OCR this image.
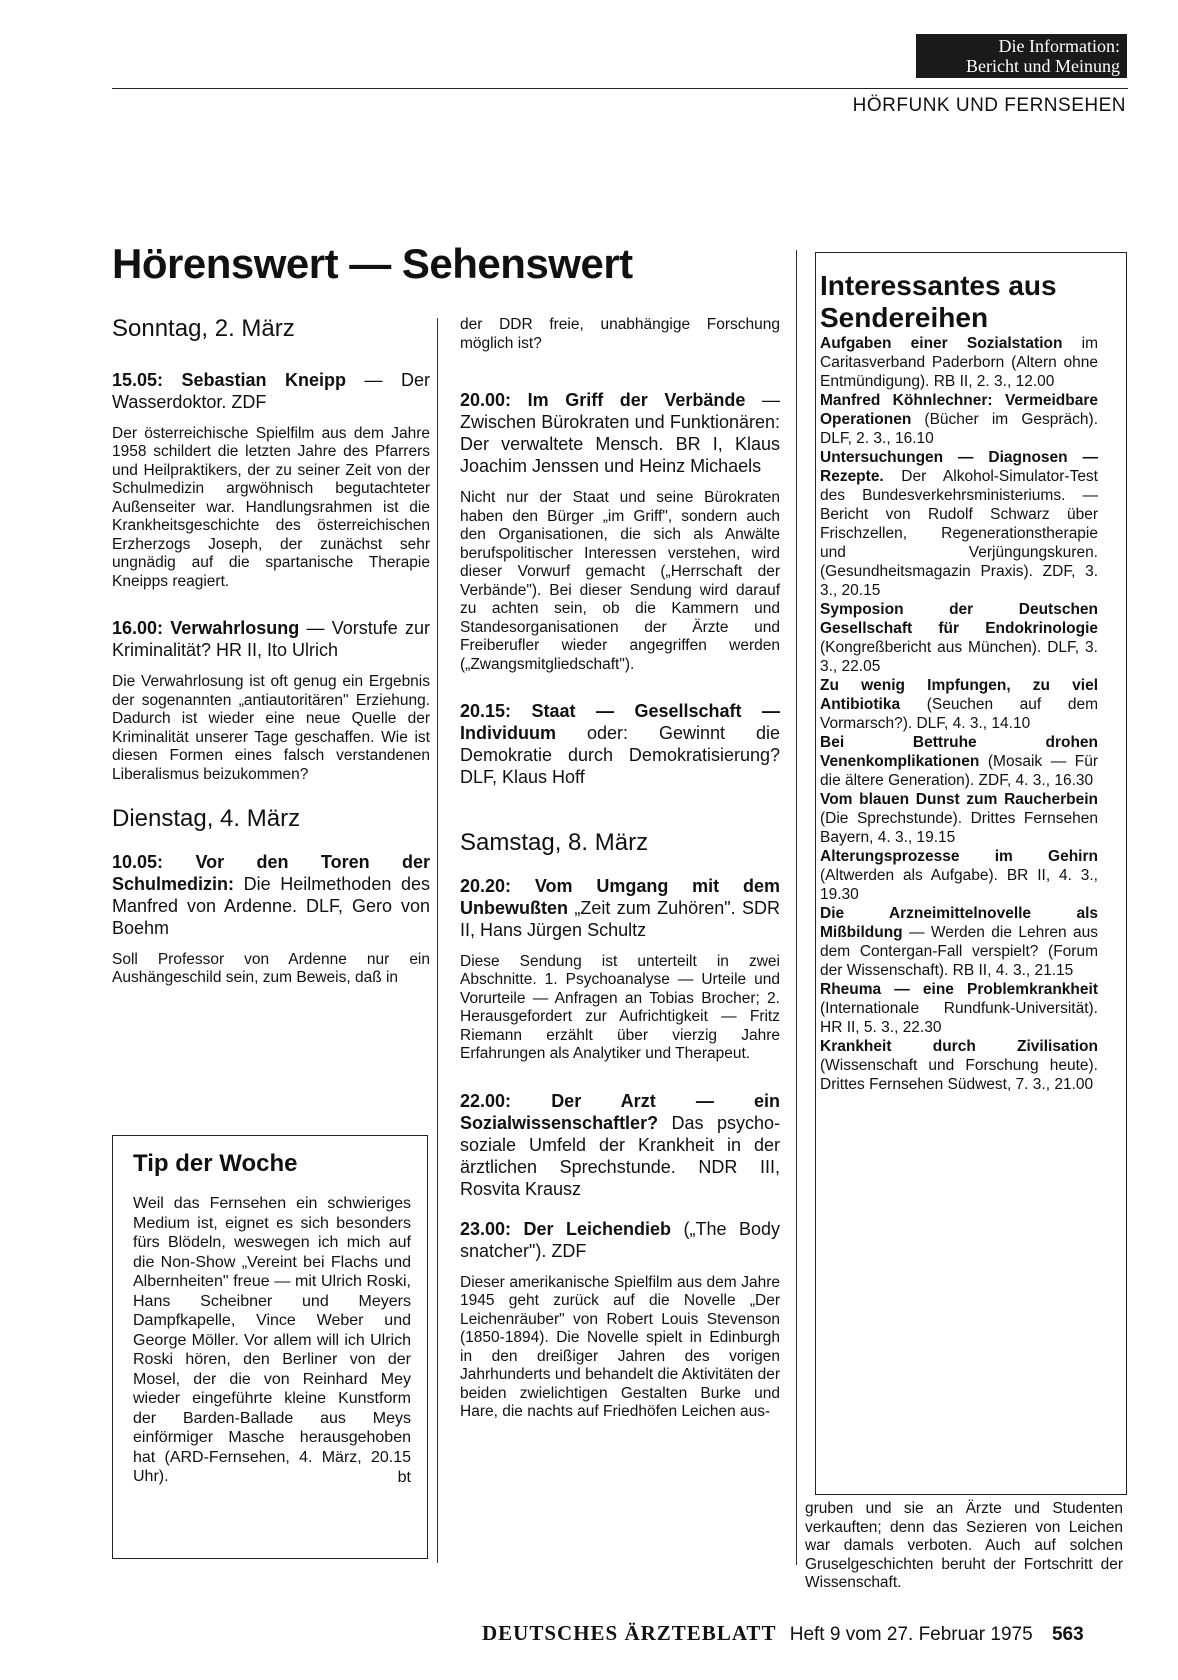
Die Information:
Bericht und Meinung
HÖRFUNK UND FERNSEHEN
Hörenswert — Sehenswert

Sonntag, 2. März

15.05: Sebastian Kneipp — Der Wasserdoktor. ZDF

Der österreichische Spielfilm aus dem Jahre 1958 schildert die letzten Jahre des Pfarrers und Heilpraktikers, der zu seiner Zeit von der Schulmedizin argwöhnisch begutachteter Außenseiter war. Handlungsrahmen ist die Krankheitsgeschichte des österreichischen Erzherzogs Joseph, der zunächst sehr ungnädig auf die spartanische Therapie Kneipps reagiert.

16.00: Verwahrlosung — Vorstufe zur Kriminalität? HR II, Ito Ulrich

Die Verwahrlosung ist oft genug ein Ergebnis der sogenannten „antiautoritären" Erziehung. Dadurch ist wieder eine neue Quelle der Kriminalität unserer Tage geschaffen. Wie ist diesen Formen eines falsch verstandenen Liberalismus beizukommen?

Dienstag, 4. März

10.05: Vor den Toren der Schulmedizin: Die Heilmethoden des Manfred von Ardenne. DLF, Gero von Boehm

Soll Professor von Ardenne nur ein Aushängeschild sein, zum Beweis, daß in

Tip der Woche

Weil das Fernsehen ein schwieriges Medium ist, eignet es sich besonders fürs Blödeln, weswegen ich mich auf die Non-Show „Vereint bei Flachs und Albernheiten" freue — mit Ulrich Roski, Hans Scheibner und Meyers Dampfkapelle, Vince Weber und George Möller. Vor allem will ich Ulrich Roski hören, den Berliner von der Mosel, der die von Reinhard Mey wieder eingeführte kleine Kunstform der Barden-Ballade aus Meys einförmiger Masche herausgehoben hat (ARD-Fernsehen, 4. März, 20.15 Uhr).	bt

der DDR freie, unabhängige Forschung möglich ist?

20.00: Im Griff der Verbände — Zwischen Bürokraten und Funktionären: Der verwaltete Mensch. BR I, Klaus Joachim Jenssen und Heinz Michaels

Nicht nur der Staat und seine Bürokraten haben den Bürger „im Griff", sondern auch den Organisationen, die sich als Anwälte berufspolitischer Interessen verstehen, wird dieser Vorwurf gemacht („Herrschaft der Verbände"). Bei dieser Sendung wird darauf zu achten sein, ob die Kammern und Standesorganisationen der Ärzte und Freiberufler wieder angegriffen werden („Zwangsmitgliedschaft").

20.15: Staat — Gesellschaft — Individuum oder: Gewinnt die Demokratie durch Demokratisierung? DLF, Klaus Hoff

Samstag, 8. März

20.20: Vom Umgang mit dem Unbewußten „Zeit zum Zuhören". SDR II, Hans Jürgen Schultz

Diese Sendung ist unterteilt in zwei Abschnitte. 1. Psychoanalyse — Urteile und Vorurteile — Anfragen an Tobias Brocher; 2. Herausgefordert zur Aufrichtigkeit — Fritz Riemann erzählt über vierzig Jahre Erfahrungen als Analytiker und Therapeut.

22.00: Der Arzt — ein Sozialwissenschaftler? Das psycho-soziale Umfeld der Krankheit in der ärztlichen Sprechstunde. NDR III, Rosvita Krausz

23.00: Der Leichendieb („The Body snatcher"). ZDF

Dieser amerikanische Spielfilm aus dem Jahre 1945 geht zurück auf die Novelle „Der Leichenräuber" von Robert Louis Stevenson (1850-1894). Die Novelle spielt in Edinburgh in den dreißiger Jahren des vorigen Jahrhunderts und behandelt die Aktivitäten der beiden zwielichtigen Gestalten Burke und Hare, die nachts auf Friedhöfen Leichen aus-

Interessantes aus Sendereihen

Aufgaben einer Sozialstation im Caritasverband Paderborn (Altern ohne Entmündigung). RB II, 2. 3., 12.00

Manfred Köhnlechner: Vermeidbare Operationen (Bücher im Gespräch). DLF, 2. 3., 16.10

Untersuchungen — Diagnosen — Rezepte. Der Alkohol-Simulator-Test des Bundesverkehrsministeriums. — Bericht von Rudolf Schwarz über Frischzellen, Regenerationstherapie und Verjüngungskuren. (Gesundheitsmagazin Praxis). ZDF, 3. 3., 20.15

Symposion der Deutschen Gesellschaft für Endokrinologie (Kongreßbericht aus München). DLF, 3. 3., 22.05

Zu wenig Impfungen, zu viel Antibiotika (Seuchen auf dem Vormarsch?). DLF, 4. 3., 14.10

Bei Bettruhe drohen Venenkomplikationen (Mosaik — Für die ältere Generation). ZDF, 4. 3., 16.30

Vom blauen Dunst zum Raucherbein (Die Sprechstunde). Drittes Fernsehen Bayern, 4. 3., 19.15

Alterungsprozesse im Gehirn (Altwerden als Aufgabe). BR II, 4. 3., 19.30

Die Arzneimittelnovelle als Mißbildung — Werden die Lehren aus dem Contergan-Fall verspielt? (Forum der Wissenschaft). RB II, 4. 3., 21.15

Rheuma — eine Problemkrankheit (Internationale Rundfunk-Universität). HR II, 5. 3., 22.30

Krankheit durch Zivilisation (Wissenschaft und Forschung heute). Drittes Fernsehen Südwest, 7. 3., 21.00

gruben und sie an Ärzte und Studenten verkauften; denn das Sezieren von Leichen war damals verboten. Auch auf solchen Gruselgeschichten beruht der Fortschritt der Wissenschaft.
DEUTSCHES ÄRZTEBLATT Heft 9 vom 27. Februar 1975 563
